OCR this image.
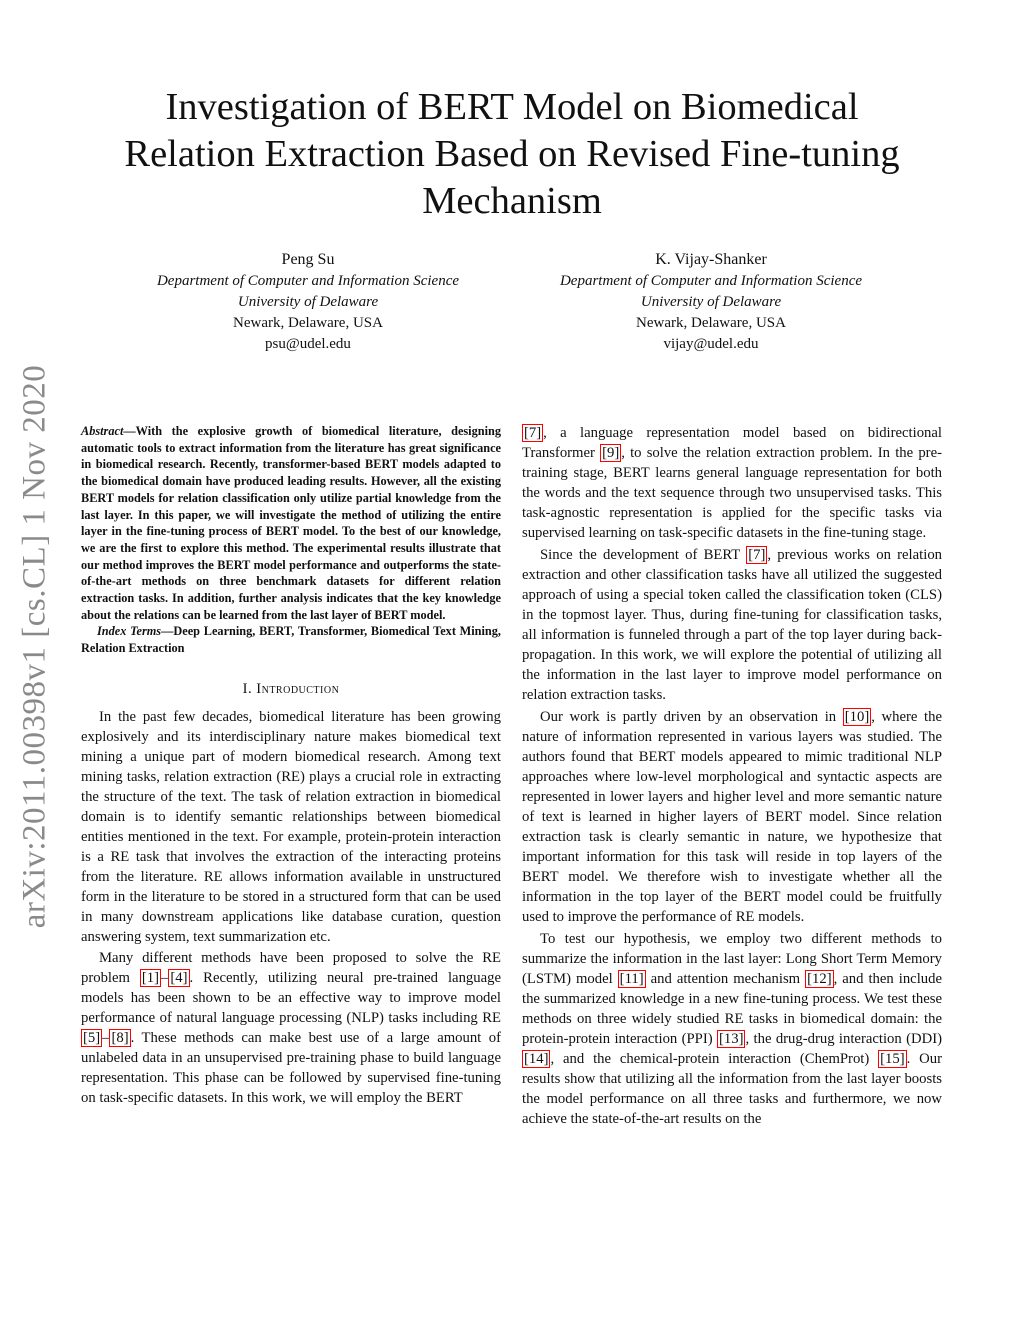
arXiv:2011.00398v1 [cs.CL] 1 Nov 2020
Investigation of BERT Model on Biomedical
Relation Extraction Based on Revised Fine-tuning
Mechanism
Peng Su
Department of Computer and Information Science
University of Delaware
Newark, Delaware, USA
psu@udel.edu
K. Vijay-Shanker
Department of Computer and Information Science
University of Delaware
Newark, Delaware, USA
vijay@udel.edu

Abstract—With the explosive growth of biomedical literature, designing automatic tools to extract information from the literature has great significance in biomedical research. Recently, transformer-based BERT models adapted to the biomedical domain have produced leading results. However, all the existing BERT models for relation classification only utilize partial knowledge from the last layer. In this paper, we will investigate the method of utilizing the entire layer in the fine-tuning process of BERT model. To the best of our knowledge, we are the first to explore this method. The experimental results illustrate that our method improves the BERT model performance and outperforms the state-of-the-art methods on three benchmark datasets for different relation extraction tasks. In addition, further analysis indicates that the key knowledge about the relations can be learned from the last layer of BERT model.

Index Terms—Deep Learning, BERT, Transformer, Biomedical Text Mining, Relation Extraction

I. Introduction

In the past few decades, biomedical literature has been growing explosively and its interdisciplinary nature makes biomedical text mining a unique part of modern biomedical research. Among text mining tasks, relation extraction (RE) plays a crucial role in extracting the structure of the text. The task of relation extraction in biomedical domain is to identify semantic relationships between biomedical entities mentioned in the text. For example, protein-protein interaction is a RE task that involves the extraction of the interacting proteins from the literature. RE allows information available in unstructured form in the literature to be stored in a structured form that can be used in many downstream applications like database curation, question answering system, text summarization etc.

Many different methods have been proposed to solve the RE problem [1] – [4] . Recently, utilizing neural pre-trained language models has been shown to be an effective way to improve model performance of natural language processing (NLP) tasks including RE [5] – [8] . These methods can make best use of a large amount of unlabeled data in an unsupervised pre-training phase to build language representation. This phase can be followed by supervised fine-tuning on task-specific datasets. In this work, we will employ the BERT

[7] , a language representation model based on bidirectional Transformer [9] , to solve the relation extraction problem. In the pre-training stage, BERT learns general language representation for both the words and the text sequence through two unsupervised tasks. This task-agnostic representation is applied for the specific tasks via supervised learning on task-specific datasets in the fine-tuning stage.

Since the development of BERT [7] , previous works on relation extraction and other classification tasks have all utilized the suggested approach of using a special token called the classification token (CLS) in the topmost layer. Thus, during fine-tuning for classification tasks, all information is funneled through a part of the top layer during back-propagation. In this work, we will explore the potential of utilizing all the information in the last layer to improve model performance on relation extraction tasks.

Our work is partly driven by an observation in [10] , where the nature of information represented in various layers was studied. The authors found that BERT models appeared to mimic traditional NLP approaches where low-level morphological and syntactic aspects are represented in lower layers and higher level and more semantic nature of text is learned in higher layers of BERT model. Since relation extraction task is clearly semantic in nature, we hypothesize that important information for this task will reside in top layers of the BERT model. We therefore wish to investigate whether all the information in the top layer of the BERT model could be fruitfully used to improve the performance of RE models.

To test our hypothesis, we employ two different methods to summarize the information in the last layer: Long Short Term Memory (LSTM) model [11] and attention mechanism [12] , and then include the summarized knowledge in a new fine-tuning process. We test these methods on three widely studied RE tasks in biomedical domain: the protein-protein interaction (PPI) [13] , the drug-drug interaction (DDI) [14] , and the chemical-protein interaction (ChemProt) [15] . Our results show that utilizing all the information from the last layer boosts the model performance on all three tasks and furthermore, we now achieve the state-of-the-art results on the
